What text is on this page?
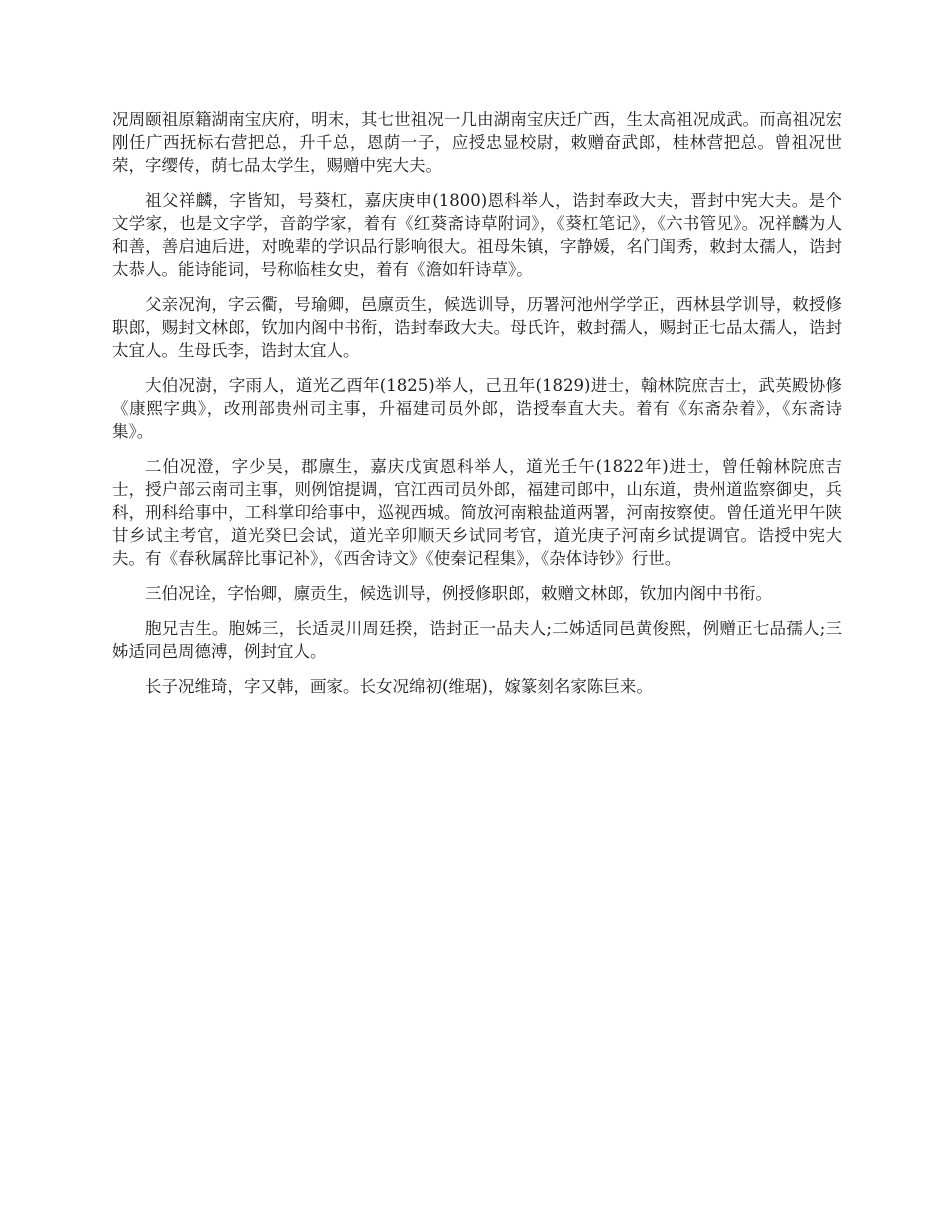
况周颐祖原籍湖南宝庆府，明末，其七世祖况一几由湖南宝庆迁广西，生太高祖况成武。而高祖况宏刚任广西抚标右营把总，升千总，恩荫一子，应授忠显校尉，敕赠奋武郎，桂林营把总。曾祖况世荣，字缨传，荫七品太学生，赐赠中宪大夫。

祖父祥麟，字皆知，号葵杠，嘉庆庚申(1800)恩科举人，诰封奉政大夫，晋封中宪大夫。是个文学家，也是文字学，音韵学家，着有《红葵斋诗草附词》，《葵杠笔记》，《六书管见》。况祥麟为人和善，善启迪后进，对晚辈的学识品行影响很大。祖母朱镇，字静媛，名门闺秀，敕封太孺人，诰封太恭人。能诗能词，号称临桂女史，着有《澹如轩诗草》。

父亲况洵，字云衢，号瑜卿，邑廪贡生，候选训导，历署河池州学学正，西林县学训导，敕授修职郎，赐封文林郎，钦加内阁中书衔，诰封奉政大夫。母氏许，敕封孺人，赐封正七品太孺人，诰封太宜人。生母氏李，诰封太宜人。

大伯况澍，字雨人，道光乙酉年(1825)举人，己丑年(1829)进士，翰林院庶吉士，武英殿协修《康熙字典》，改刑部贵州司主事，升福建司员外郎，诰授奉直大夫。着有《东斋杂着》，《东斋诗集》。

二伯况澄，字少吴，郡廪生，嘉庆戊寅恩科举人，道光壬午(1822年)进士，曾任翰林院庶吉士，授户部云南司主事，则例馆提调，官江西司员外郎，福建司郎中，山东道，贵州道监察御史，兵科，刑科给事中，工科掌印给事中，巡视西城。简放河南粮盐道两署，河南按察使。曾任道光甲午陕甘乡试主考官，道光癸巳会试，道光辛卯顺天乡试同考官，道光庚子河南乡试提调官。诰授中宪大夫。有《春秋属辞比事记补》，《西舍诗文》《使秦记程集》，《杂体诗钞》行世。

三伯况诠，字怡卿，廪贡生，候选训导，例授修职郎，敕赠文林郎，钦加内阁中书衔。

胞兄吉生。胞姊三，长适灵川周廷揆，诰封正一品夫人;二姊适同邑黄俊熙，例赠正七品孺人;三姊适同邑周德溥，例封宜人。

长子况维琦，字又韩，画家。长女况绵初(维琚)，嫁篆刻名家陈巨来。
